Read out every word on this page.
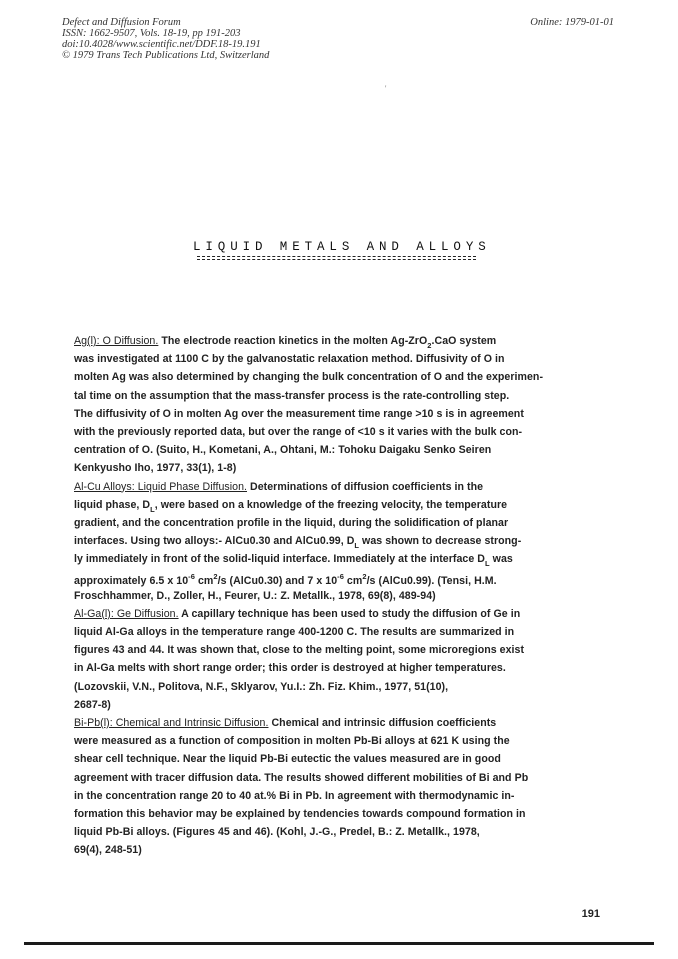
Defect and Diffusion Forum
ISSN: 1662-9507, Vols. 18-19, pp 191-203
doi:10.4028/www.scientific.net/DDF.18-19.191
© 1979 Trans Tech Publications Ltd, Switzerland
Online: 1979-01-01
'
LIQUID METALS AND ALLOYS
Ag(l): O Diffusion. The electrode reaction kinetics in the molten Ag-ZrO$_2$.CaO system
was investigated at 1100 C by the galvanostatic relaxation method. Diffusivity of O in
molten Ag was also determined by changing the bulk concentration of O and the experimen-
tal time on the assumption that the mass-transfer process is the rate-controlling step.
The diffusivity of O in molten Ag over the measurement time range >10 s is in agreement
with the previously reported data, but over the range of <10 s it varies with the bulk con-
centration of O. (Suito, H., Kometani, A., Ohtani, M.: Tohoku Daigaku Senko Seiren
Kenkyusho Iho, 1977, 33(1), 1-8)
Al-Cu Alloys: Liquid Phase Diffusion. Determinations of diffusion coefficients in the
liquid phase, $D_L$, were based on a knowledge of the freezing velocity, the temperature
gradient, and the concentration profile in the liquid, during the solidification of planar
interfaces. Using two alloys:- AlCu0.30 and AlCu0.99, $D_L$ was shown to decrease strong-
ly immediately in front of the solid-liquid interface. Immediately at the interface $D_L$ was
approximately 6.5 x $10^{-6}$ $cm^2/s$ (AlCu0.30) and 7 x $10^{-6}$ $cm^2/s$ (AlCu0.99). (Tensi, H.M.
Froschhammer, D., Zoller, H., Feurer, U.: Z. Metallk., 1978, 69(8), 489-94)
Al-Ga(l): Ge Diffusion. A capillary technique has been used to study the diffusion of Ge in
liquid Al-Ga alloys in the temperature range 400-1200 C. The results are summarized in
figures 43 and 44. It was shown that, close to the melting point, some microregions exist
in Al-Ga melts with short range order; this order is destroyed at higher temperatures.
(Lozovskii, V.N., Politova, N.F., Sklyarov, Yu.I.: Zh. Fiz. Khim., 1977, 51(10),
2687-8)
Bi-Pb(l): Chemical and Intrinsic Diffusion. Chemical and intrinsic diffusion coefficients
were measured as a function of composition in molten Pb-Bi alloys at 621 K using the
shear cell technique. Near the liquid Pb-Bi eutectic the values measured are in good
agreement with tracer diffusion data. The results showed different mobilities of Bi and Pb
in the concentration range 20 to 40 at.% Bi in Pb. In agreement with thermodynamic in-
formation this behavior may be explained by tendencies towards compound formation in
liquid Pb-Bi alloys. (Figures 45 and 46). (Kohl, J.-G., Predel, B.: Z. Metallk., 1978,
69(4), 248-51)
191
